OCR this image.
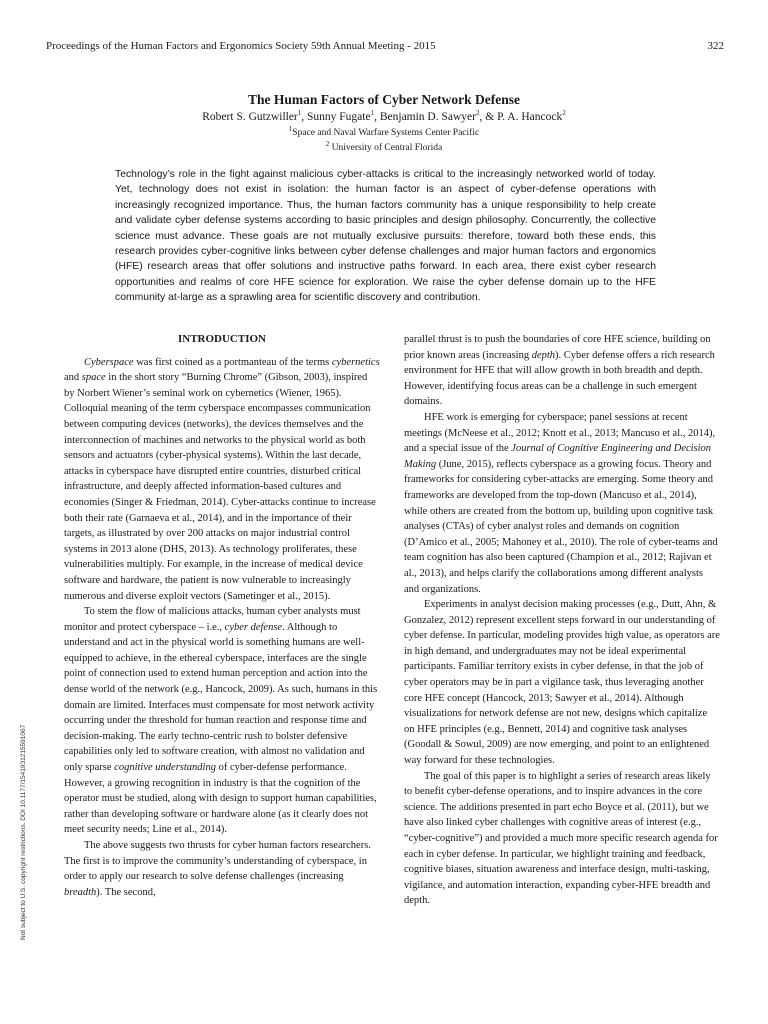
Proceedings of the Human Factors and Ergonomics Society 59th Annual Meeting - 2015	322
The Human Factors of Cyber Network Defense
Robert S. Gutzwiller$^1$, Sunny Fugate$^1$, Benjamin D. Sawyer$^2$, & P. A. Hancock$^2$
$^1$Space and Naval Warfare Systems Center Pacific
$^2$ University of Central Florida

Technology’s role in the fight against malicious cyber-attacks is critical to the increasingly networked world of today. Yet, technology does not exist in isolation: the human factor is an aspect of cyber-defense operations with increasingly recognized importance. Thus, the human factors community has a unique responsibility to help create and validate cyber defense systems according to basic principles and design philosophy. Concurrently, the collective science must advance. These goals are not mutually exclusive pursuits: therefore, toward both these ends, this research provides cyber-cognitive links between cyber defense challenges and major human factors and ergonomics (HFE) research areas that offer solutions and instructive paths forward. In each area, there exist cyber research opportunities and realms of core HFE science for exploration. We raise the cyber defense domain up to the HFE community at-large as a sprawling area for scientific discovery and contribution.

INTRODUCTION

Cyberspace was first coined as a portmanteau of the terms cybernetics and space in the short story “Burning Chrome” (Gibson, 2003), inspired by Norbert Wiener’s seminal work on cybernetics (Wiener, 1965). Colloquial meaning of the term cyberspace encompasses communication between computing devices (networks), the devices themselves and the interconnection of machines and networks to the physical world as both sensors and actuators (cyber-physical systems). Within the last decade, attacks in cyberspace have disrupted entire countries, disturbed critical infrastructure, and deeply affected information-based cultures and economies (Singer & Friedman, 2014). Cyber-attacks continue to increase both their rate (Garnaeva et al., 2014), and in the importance of their targets, as illustrated by over 200 attacks on major industrial control systems in 2013 alone (DHS, 2013). As technology proliferates, these vulnerabilities multiply. For example, in the increase of medical device software and hardware, the patient is now vulnerable to increasingly numerous and diverse exploit vectors (Sametinger et al., 2015).

To stem the flow of malicious attacks, human cyber analysts must monitor and protect cyberspace – i.e., cyber defense. Although to understand and act in the physical world is something humans are well-equipped to achieve, in the ethereal cyberspace, interfaces are the single point of connection used to extend human perception and action into the dense world of the network (e.g., Hancock, 2009). As such, humans in this domain are limited. Interfaces must compensate for most network activity occurring under the threshold for human reaction and response time and decision-making. The early techno-centric rush to bolster defensive capabilities only led to software creation, with almost no validation and only sparse cognitive understanding of cyber-defense performance. However, a growing recognition in industry is that the cognition of the operator must be studied, along with design to support human capabilities, rather than developing software or hardware alone (as it clearly does not meet security needs; Line et al., 2014).

The above suggests two thrusts for cyber human factors researchers. The first is to improve the community’s understanding of cyberspace, in order to apply our research to solve defense challenges (increasing breadth). The second,

parallel thrust is to push the boundaries of core HFE science, building on prior known areas (increasing depth). Cyber defense offers a rich research environment for HFE that will allow growth in both breadth and depth. However, identifying focus areas can be a challenge in such emergent domains.

HFE work is emerging for cyberspace; panel sessions at recent meetings (McNeese et al., 2012; Knott et al., 2013; Mancuso et al., 2014), and a special issue of the Journal of Cognitive Engineering and Decision Making (June, 2015), reflects cyberspace as a growing focus. Theory and frameworks for considering cyber-attacks are emerging. Some theory and frameworks are developed from the top-down (Mancuso et al., 2014), while others are created from the bottom up, building upon cognitive task analyses (CTAs) of cyber analyst roles and demands on cognition (D’Amico et al., 2005; Mahoney et al., 2010). The role of cyber-teams and team cognition has also been captured (Champion et al., 2012; Rajivan et al., 2013), and helps clarify the collaborations among different analysts and organizations.

Experiments in analyst decision making processes (e.g., Dutt, Ahn, & Gonzalez, 2012) represent excellent steps forward in our understanding of cyber defense. In particular, modeling provides high value, as operators are in high demand, and undergraduates may not be ideal experimental participants. Familiar territory exists in cyber defense, in that the job of cyber operators may be in part a vigilance task, thus leveraging another core HFE concept (Hancock, 2013; Sawyer et al., 2014). Although visualizations for network defense are not new, designs which capitalize on HFE principles (e.g., Bennett, 2014) and cognitive task analyses (Goodall & Sowul, 2009) are now emerging, and point to an enlightened way forward for these technologies.

The goal of this paper is to highlight a series of research areas likely to benefit cyber-defense operations, and to inspire advances in the core science. The additions presented in part echo Boyce et al. (2011), but we have also linked cyber challenges with cognitive areas of interest (e.g., “cyber-cognitive”) and provided a much more specific research agenda for each in cyber defense. In particular, we highlight training and feedback, cognitive biases, situation awareness and interface design, multi-tasking, vigilance, and automation interaction, expanding cyber-HFE breadth and depth.

Not subject to U.S. copyright restrictions. DOI 10.1177/1541931215591067
